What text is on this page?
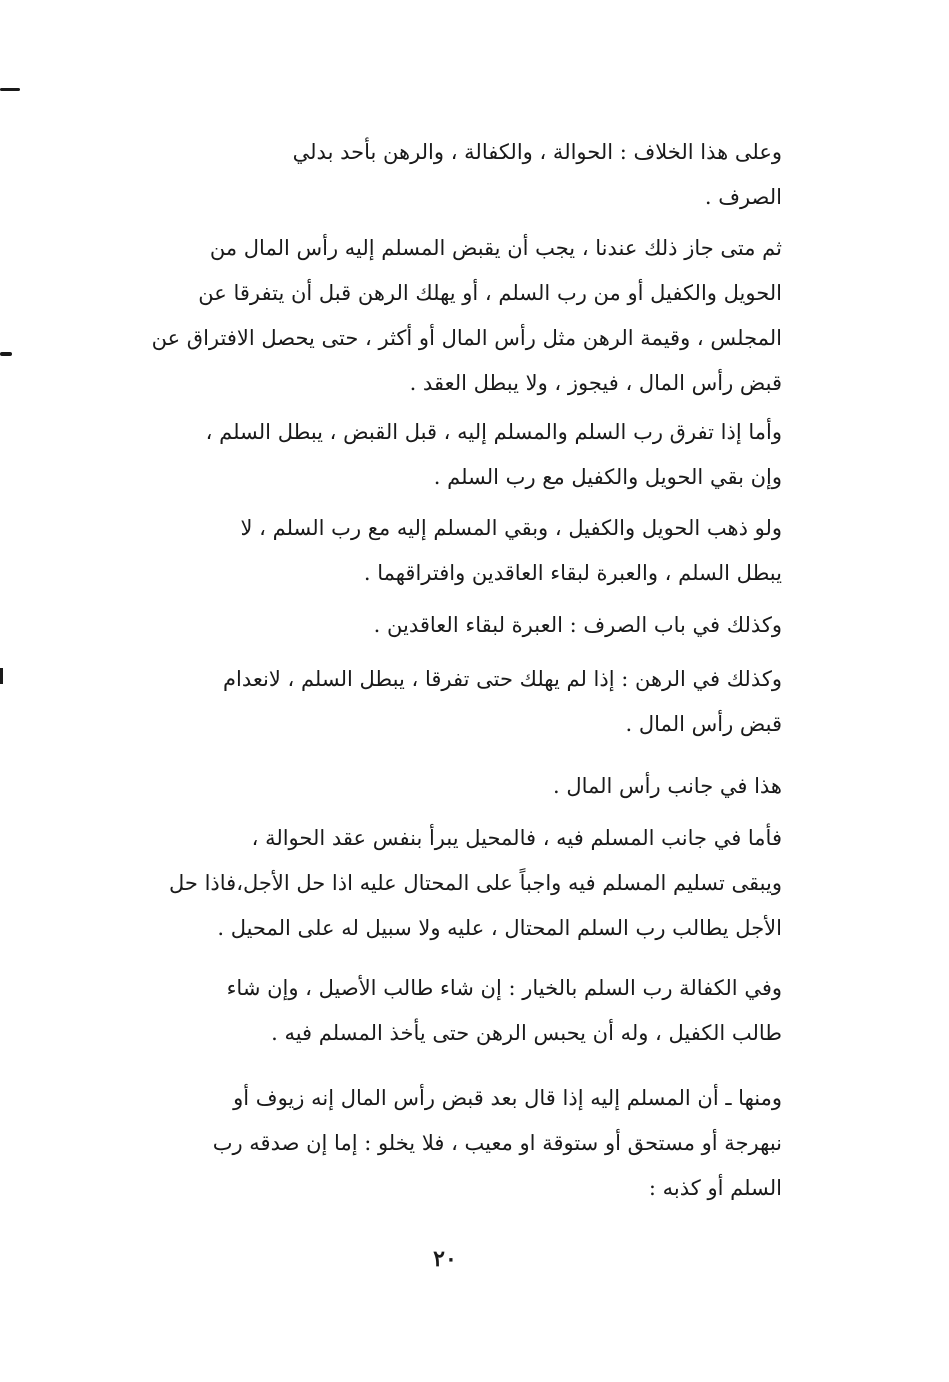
وعلى هذا الخلاف : الحوالة ، والكفالة ، والرهن بأحد بدلي
الصرف .
ثم متى جاز ذلك عندنا ، يجب أن يقبض المسلم إليه رأس المال من
الحويل والكفيل أو من رب السلم ، أو يهلك الرهن قبل أن يتفرقا عن
المجلس ، وقيمة الرهن مثل رأس المال أو أكثر ، حتى يحصل الافتراق عن
قبض رأس المال ، فيجوز ، ولا يبطل العقد .
وأما إذا تفرق رب السلم والمسلم إليه ، قبل القبض ، يبطل السلم ،
وإن بقي الحويل والكفيل مع رب السلم .
ولو ذهب الحويل والكفيل ، وبقي المسلم إليه مع رب السلم ، لا
يبطل السلم ، والعبرة لبقاء العاقدين وافتراقهما .
وكذلك في باب الصرف : العبرة لبقاء العاقدين .
وكذلك في الرهن : إذا لم يهلك حتى تفرقا ، يبطل السلم ، لانعدام
قبض رأس المال .
هذا في جانب رأس المال .
فأما في جانب المسلم فيه ، فالمحيل يبرأ بنفس عقد الحوالة ،
ويبقى تسليم المسلم فيه واجباً على المحتال عليه اذا حل الأجل،فاذا حل
الأجل يطالب رب السلم المحتال ، عليه ولا سبيل له على المحيل .
وفي الكفالة رب السلم بالخيار : إن شاء طالب الأصيل ، وإن شاء
طالب الكفيل ، وله أن يحبس الرهن حتى يأخذ المسلم فيه .
ومنها ـ أن المسلم إليه إذا قال بعد قبض رأس المال إنه زيوف أو
نبهرجة أو مستحق أو ستوقة او معيب ، فلا يخلو : إما إن صدقه رب
السلم أو كذبه :
٢٠
